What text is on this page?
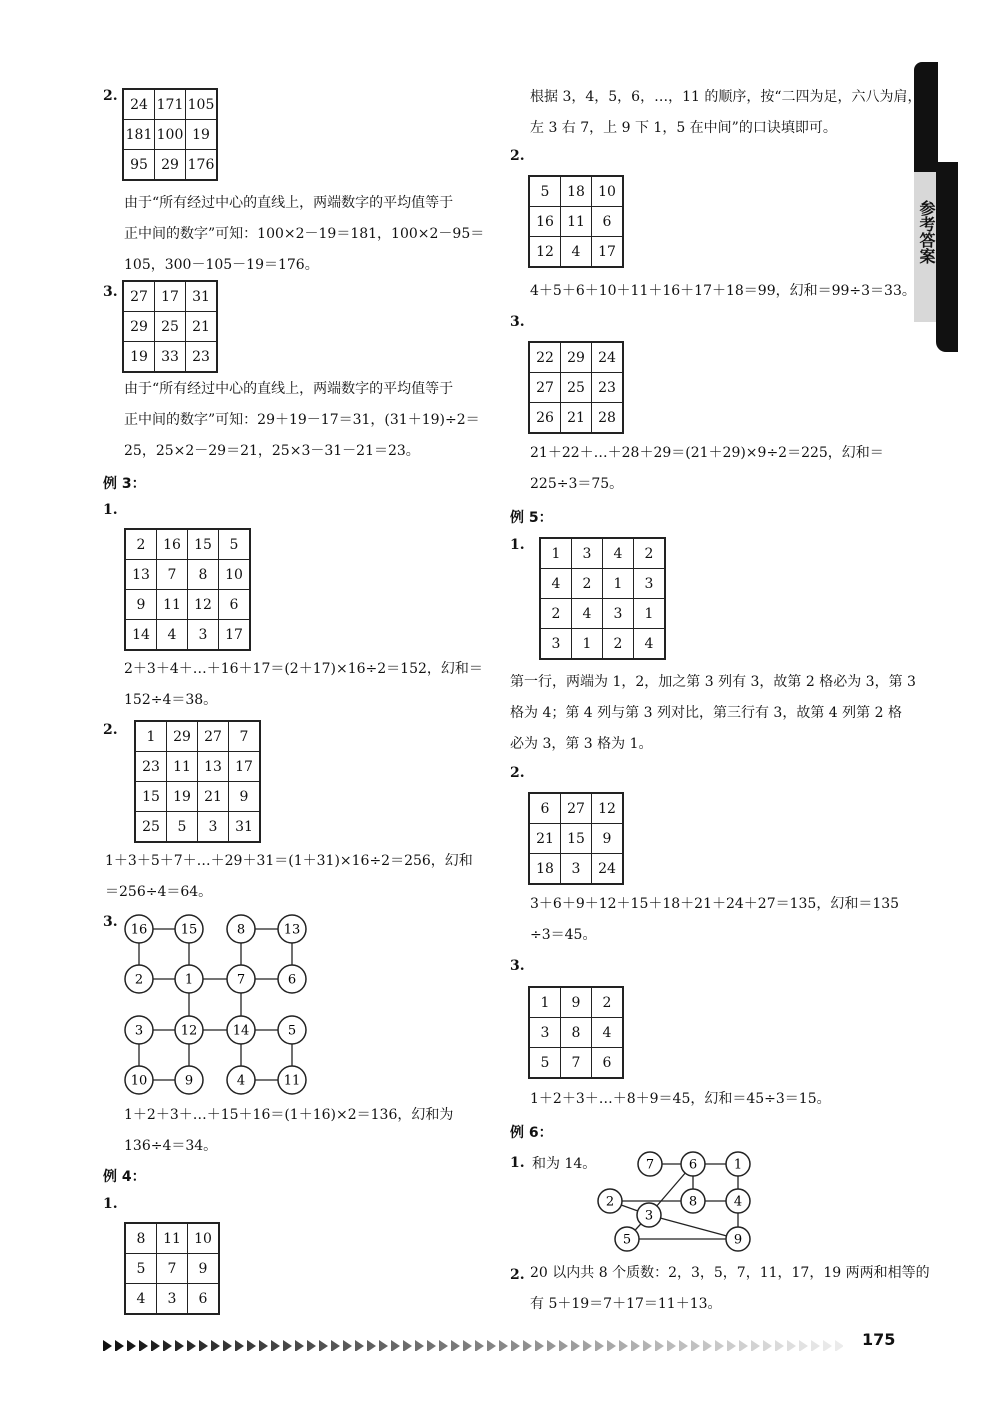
参考答案
2.
24	171	105
181	100	19
95	29	176
由于“所有经过中心的直线上，两端数字的平均值等于
正中间的数字”可知：100×2－19＝181，100×2－95＝
105，300－105－19＝176。
3. 27	17	31
29	25	21
19	33	23
由于“所有经过中心的直线上，两端数字的平均值等于
正中间的数字”可知：29＋19－17＝31，(31＋19)÷2＝
25，25×2－29＝21，25×3－31－21＝23。
例 3：
1.
2	16	15	5
13	7	8	10
9	11	12	6
14	4	3	17
2＋3＋4＋…＋16＋17＝(2＋17)×16÷2＝152，幻和＝
152÷4＝38。
2. 1	29	27	7
23	11	13	17
15	19	21	9
25	5	3	31
1＋3＋5＋7＋…＋29＋31＝(1＋31)×16÷2＝256，幻和
＝256÷4＝64。
3. 16	15	8	13
2	1	7	6
3	12	14	5
10	9	4	11
1＋2＋3＋…＋15＋16＝(1＋16)×2＝136，幻和为
136÷4＝34。
例 4：
1.
8	11	10
5	7	9
4	3	6
根据 3，4，5，6，…，11 的顺序，按“二四为足，六八为肩，
左 3 右 7，上 9 下 1，5 在中间”的口诀填即可。
2.
5	18	10
16	11	6
12	4	17
4＋5＋6＋10＋11＋16＋17＋18＝99，幻和＝99÷3＝33。
3.
22	29	24
27	25	23
26	21	28
21＋22＋…＋28＋29＝(21＋29)×9÷2＝225，幻和＝
225÷3＝75。
例 5：
1.
1	3	4	2
4	2	1	3
2	4	3	1
3	1	2	4
第一行，两端为 1，2，加之第 3 列有 3，故第 2 格必为 3，第 3
格为 4；第 4 列与第 3 列对比，第三行有 3，故第 4 列第 2 格
必为 3，第 3 格为 1。
2.
6	27	12
21	15	9
18	3	24
3＋6＋9＋12＋15＋18＋21＋24＋27＝135，幻和＝135
÷3＝45。
3.
1	9	2
3	8	4
5	7	6
1＋2＋3＋…＋8＋9＝45，幻和＝45÷3＝15。
例 6：
1. 和为 14。	7	6	1
2	8	4
3
5	9
2. 20 以内共 8 个质数：2，3，5，7，11，17，19 两两和相等的
有 5＋19＝7＋17＝11＋13。
175
